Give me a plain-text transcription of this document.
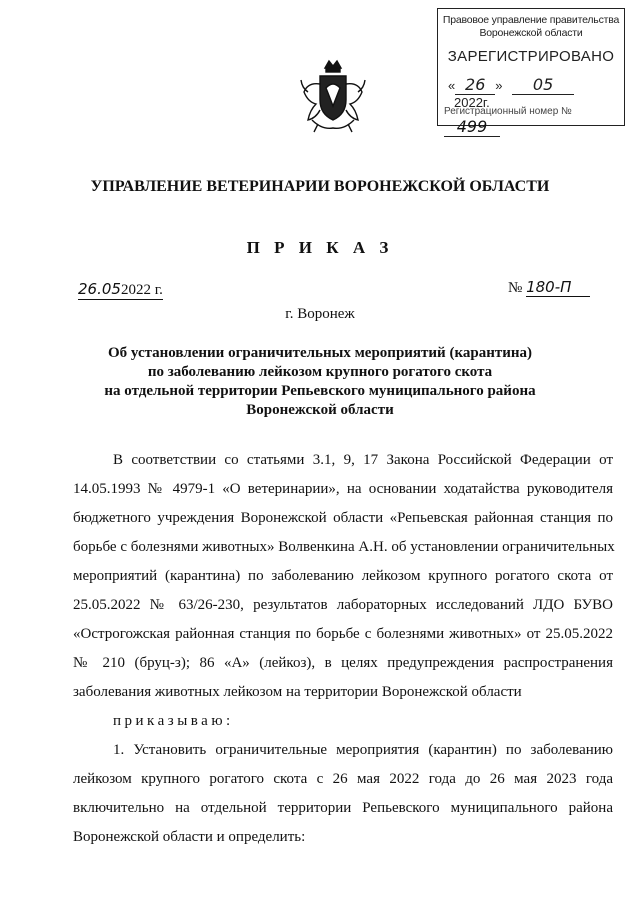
Правовое управление правительства
Воронежской области
ЗАРЕГИСТРИРОВАНО
« 26 » 05 2022г.
Регистрационный номер № 499
УПРАВЛЕНИЕ ВЕТЕРИНАРИИ ВОРОНЕЖСКОЙ ОБЛАСТИ
П Р И К А З
26.052022 г.	№ 180-П
г. Воронеж
Об установлении ограничительных мероприятий (карантина)
по заболеванию лейкозом крупного рогатого скота
на отдельной территории Репьевского муниципального района
Воронежской области
В соответствии со статьями 3.1, 9, 17 Закона Российской Федерации от
14.05.1993 № 4979-1 «О ветеринарии», на основании ходатайства руководителя
бюджетного учреждения Воронежской области «Репьевская районная станция по
борьбе с болезнями животных» Волвенкина А.Н. об установлении ограничительных
мероприятий (карантина) по заболеванию лейкозом крупного рогатого скота от
25.05.2022 № 63/26-230, результатов лабораторных исследований ЛДО БУВО
«Острогожская районная станция по борьбе с болезнями животных» от 25.05.2022
№ 210 (бруц-з); 86 «А» (лейкоз), в целях предупреждения распространения
заболевания животных лейкозом на территории Воронежской области
приказываю:
1. Установить ограничительные мероприятия (карантин) по заболеванию
лейкозом крупного рогатого скота с 26 мая 2022 года до 26 мая 2023 года
включительно на отдельной территории Репьевского муниципального района
Воронежской области и определить:
